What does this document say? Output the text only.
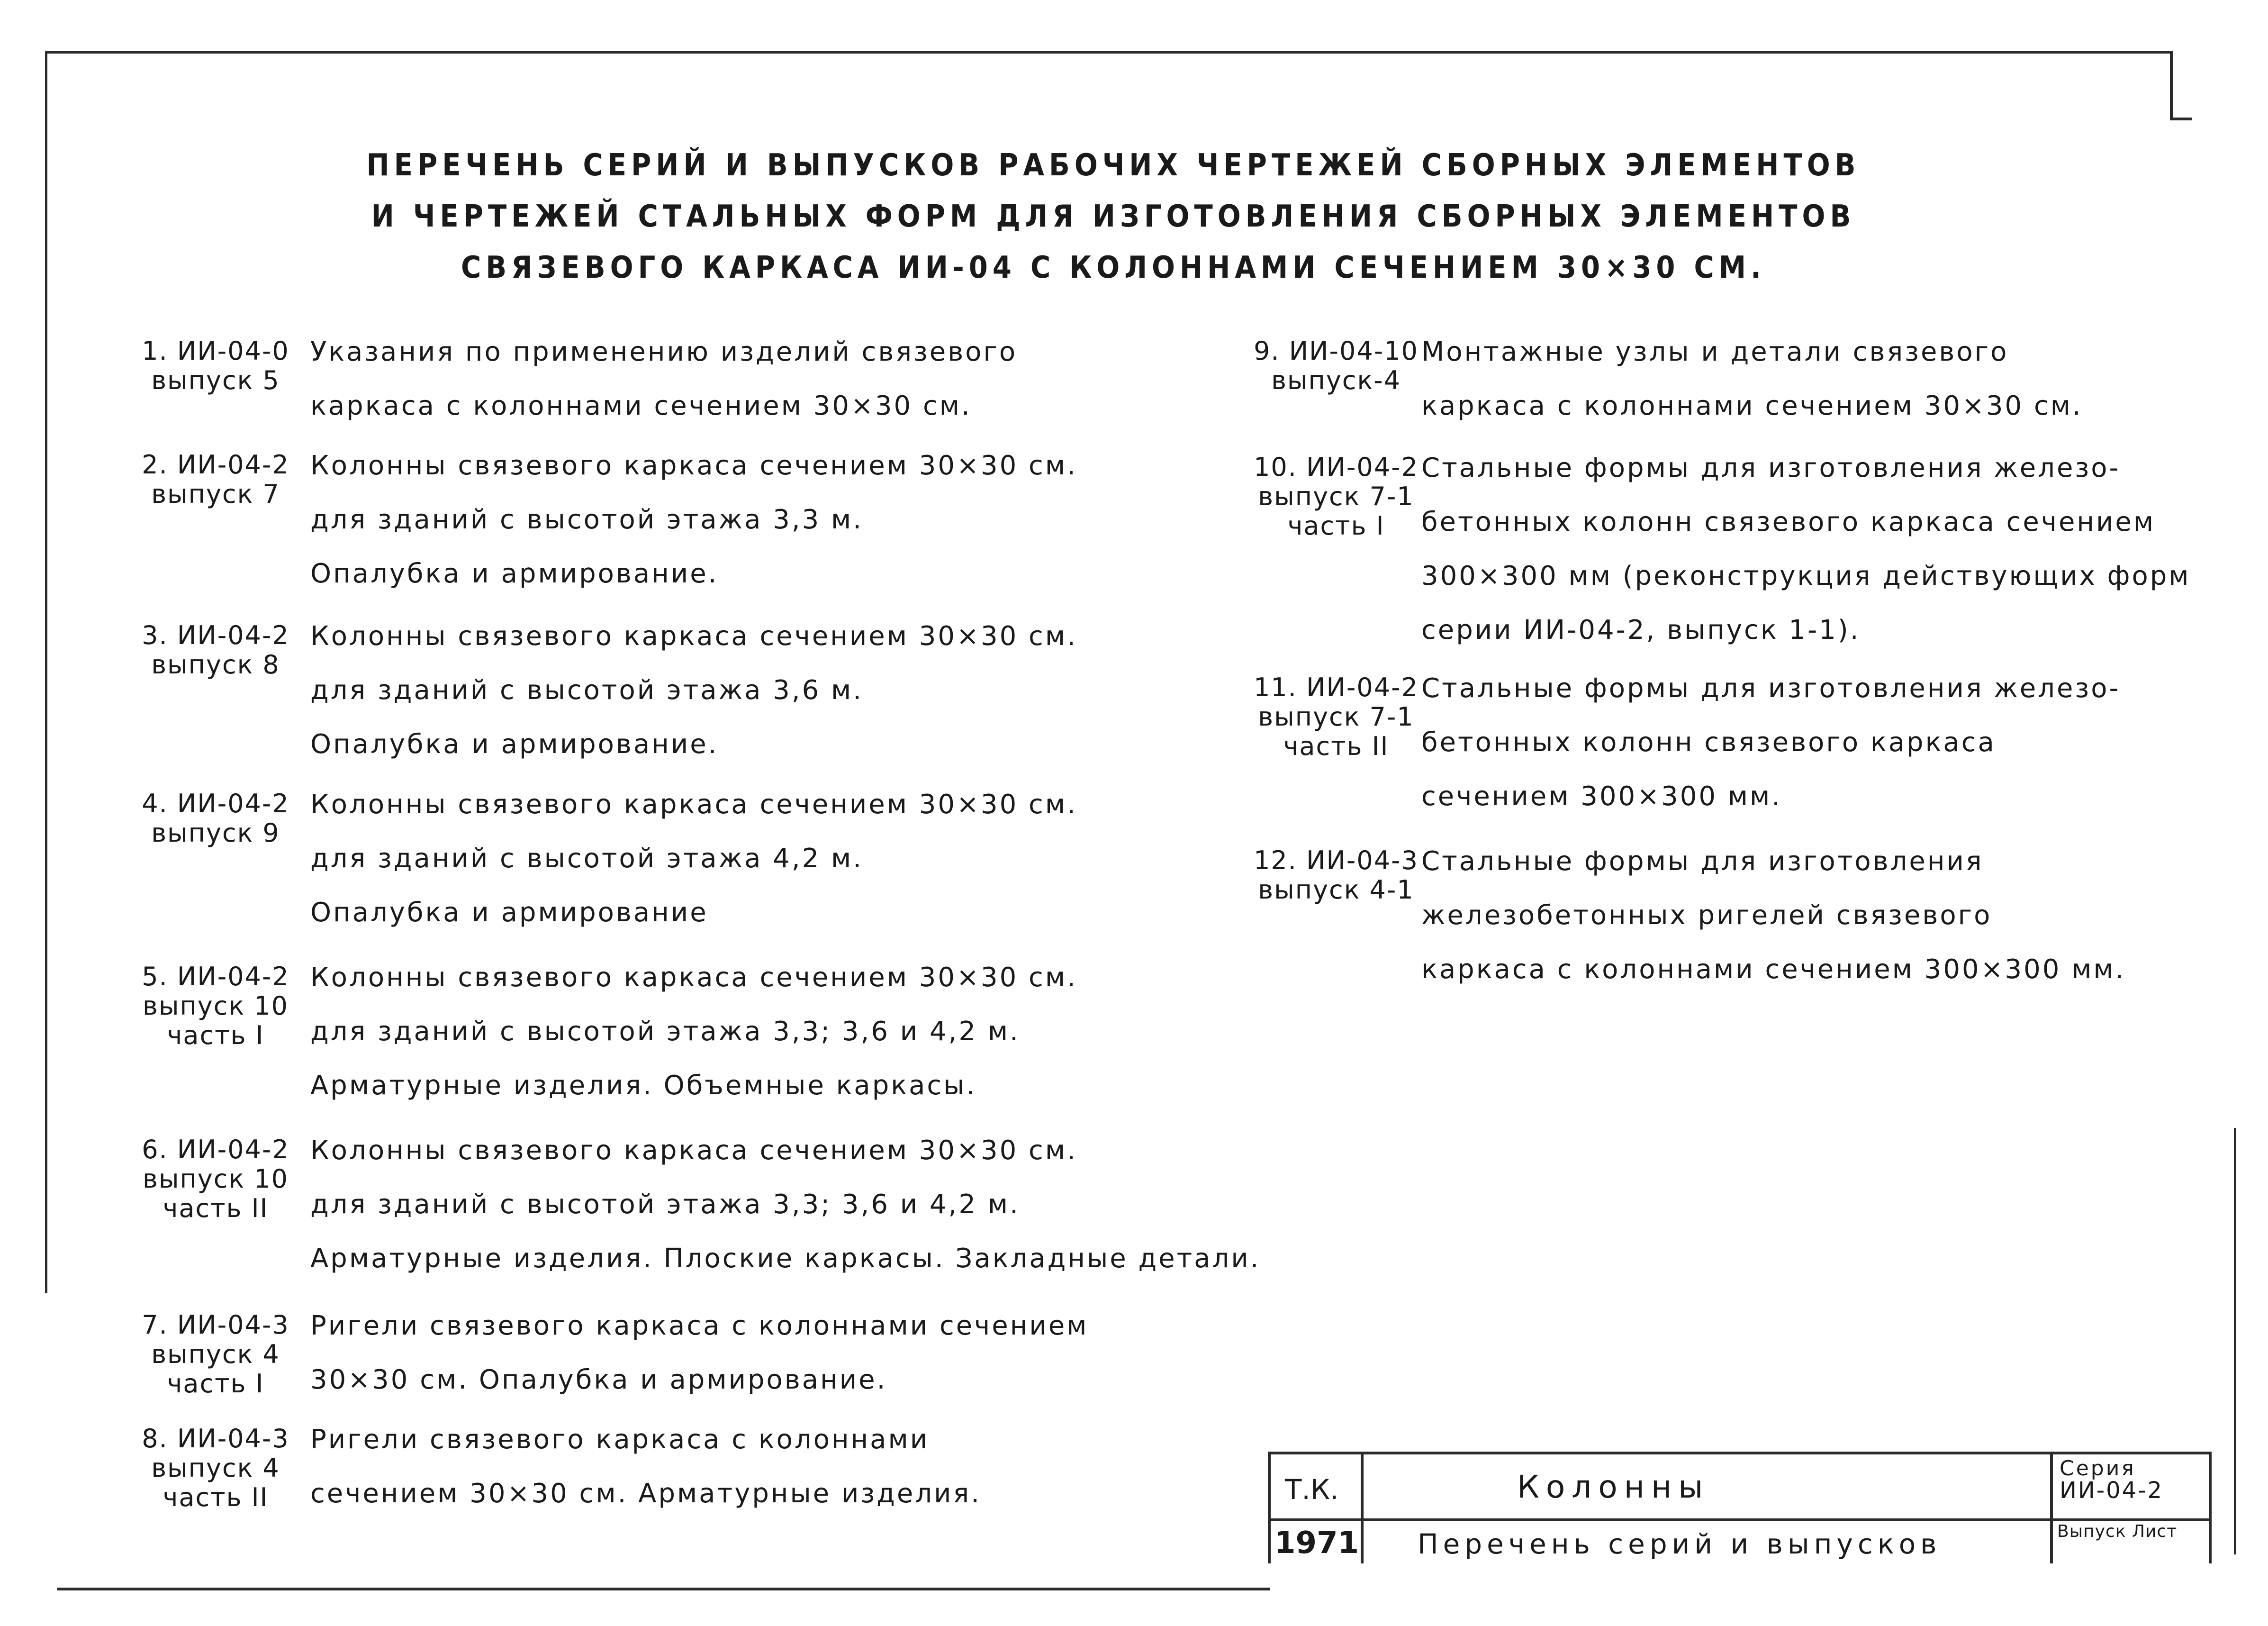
ПЕРЕЧЕНЬ СЕРИЙ И ВЫПУСКОВ РАБОЧИХ ЧЕРТЕЖЕЙ СБОРНЫХ ЭЛЕМЕНТОВ
И ЧЕРТЕЖЕЙ СТАЛЬНЫХ ФОРМ ДЛЯ ИЗГОТОВЛЕНИЯ СБОРНЫХ ЭЛЕМЕНТОВ
СВЯЗЕВОГО КАРКАСА ИИ-04 С КОЛОННАМИ СЕЧЕНИЕМ 30×30 СМ.
1. ИИ-04-0
выпуск 5
Указания по применению изделий связевого
каркаса с колоннами сечением 30×30 см.
2. ИИ-04-2
выпуск 7
Колонны связевого каркаса сечением 30×30 см.
для зданий с высотой этажа 3,3 м.
Опалубка и армирование.
3. ИИ-04-2
выпуск 8
Колонны связевого каркаса сечением 30×30 см.
для зданий с высотой этажа 3,6 м.
Опалубка и армирование.
4. ИИ-04-2
выпуск 9
Колонны связевого каркаса сечением 30×30 см.
для зданий с высотой этажа 4,2 м.
Опалубка и армирование
5. ИИ-04-2
выпуск 10
часть I
Колонны связевого каркаса сечением 30×30 см.
для зданий с высотой этажа 3,3; 3,6 и 4,2 м.
Арматурные изделия. Объемные каркасы.
6. ИИ-04-2
выпуск 10
часть II
Колонны связевого каркаса сечением 30×30 см.
для зданий с высотой этажа 3,3; 3,6 и 4,2 м.
Арматурные изделия. Плоские каркасы. Закладные детали.
7. ИИ-04-3
выпуск 4
часть I
Ригели связевого каркаса с колоннами сечением
30×30 см. Опалубка и армирование.
8. ИИ-04-3
выпуск 4
часть II
Ригели связевого каркаса с колоннами
сечением 30×30 см. Арматурные изделия.
9. ИИ-04-10
выпуск-4
Монтажные узлы и детали связевого
каркаса с колоннами сечением 30×30 см.
10. ИИ-04-2
выпуск 7-1
часть I
Стальные формы для изготовления железо-
бетонных колонн связевого каркаса сечением
300×300 мм (реконструкция действующих форм
серии ИИ-04-2, выпуск 1-1).
11. ИИ-04-2
выпуск 7-1
часть II
Стальные формы для изготовления железо-
бетонных колонн связевого каркаса
сечением 300×300 мм.
12. ИИ-04-3
выпуск 4-1
Стальные формы для изготовления
железобетонных ригелей связевого
каркаса с колоннами сечением 300×300 мм.
Т.К.
1971
Колонны
Перечень серий и выпусков
Серия
ИИ-04-2
Выпуск Лист
